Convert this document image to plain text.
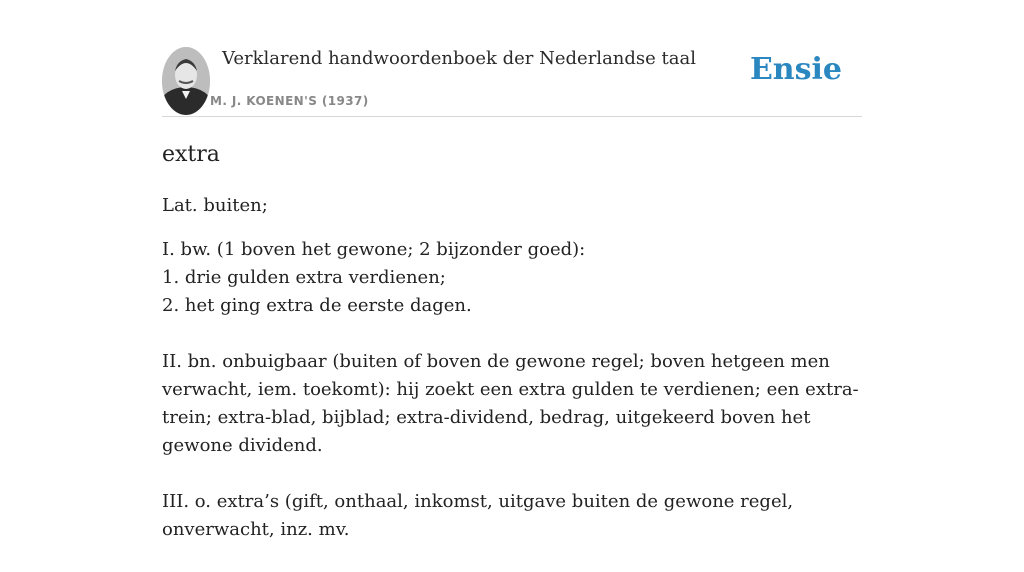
Verklarend handwoordenboek der Nederlandse taal
M. J. KOENEN'S (1937)
Ensie
extra

Lat. buiten;

I. bw. (1 boven het gewone; 2 bijzonder goed):
1. drie gulden extra verdienen;
2. het ging extra de eerste dagen.
II. bn. onbuigbaar (buiten of boven de gewone regel; boven hetgeen men verwacht, iem. toekomt): hij zoekt een extra gulden te verdienen; een extra-trein; extra-blad, bijblad; extra-dividend, bedrag, uitgekeerd boven het gewone dividend.
III. o. extra’s (gift, onthaal, inkomst, uitgave buiten de gewone regel, onverwacht, inz. mv.
